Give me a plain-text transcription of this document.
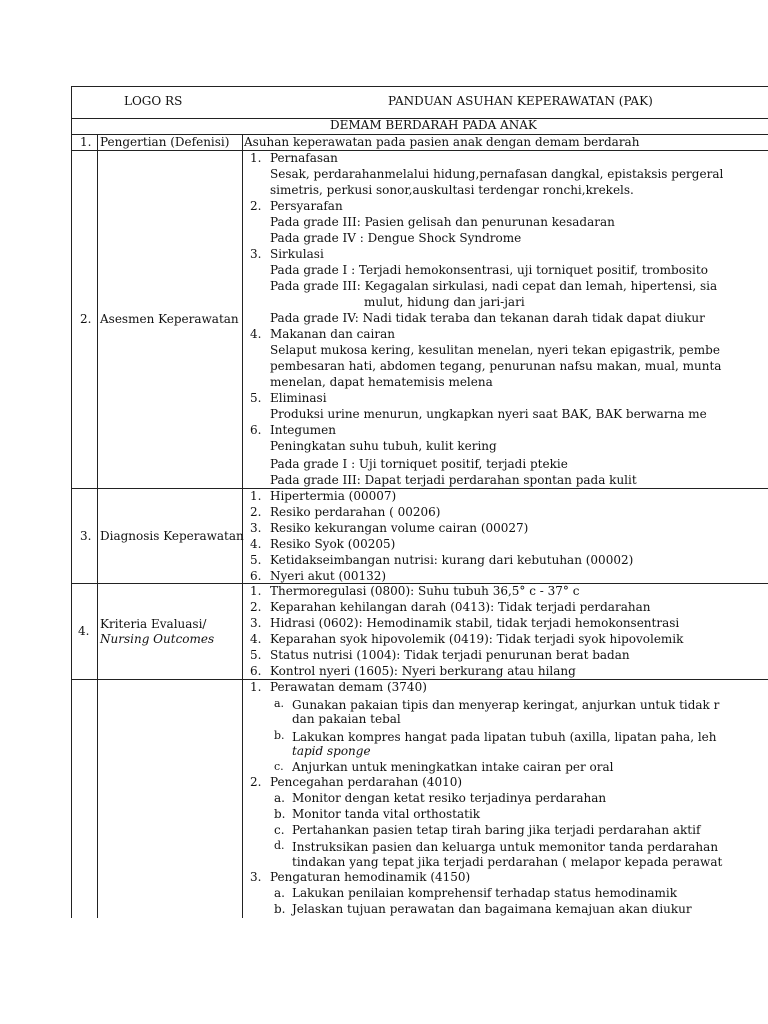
LOGO RS	PANDUAN ASUHAN KEPERAWATAN (PAK)
DEMAM BERDARAH PADA ANAK
1. Pengertian (Defenisi) Asuhan keperawatan pada pasien anak dengan demam berdarah
2. Asesmen Keperawatan
1. Pernafasan
Sesak, perdarahanmelalui hidung,pernafasan dangkal, epistaksis pergeral
simetris, perkusi sonor,auskultasi terdengar ronchi,krekels.
2. Persyarafan
Pada grade III: Pasien gelisah dan penurunan kesadaran
Pada grade IV : Dengue Shock Syndrome
3. Sirkulasi
Pada grade I : Terjadi hemokonsentrasi, uji torniquet positif, trombosito
Pada grade III: Kegagalan sirkulasi, nadi cepat dan lemah, hipertensi, sia
mulut, hidung dan jari-jari
Pada grade IV: Nadi tidak teraba dan tekanan darah tidak dapat diukur
4. Makanan dan cairan
Selaput mukosa kering, kesulitan menelan, nyeri tekan epigastrik, pembe
pembesaran hati, abdomen tegang, penurunan nafsu makan, mual, munta
menelan, dapat hematemisis melena
5. Eliminasi
Produksi urine menurun, ungkapkan nyeri saat BAK, BAK berwarna me
6. Integumen
Peningkatan suhu tubuh, kulit kering
Pada grade I : Uji torniquet positif, terjadi ptekie
Pada grade III: Dapat terjadi perdarahan spontan pada kulit
3. Diagnosis Keperawatan
1. Hipertermia (00007)
2. Resiko perdarahan ( 00206)
3. Resiko kekurangan volume cairan (00027)
4. Resiko Syok (00205)
5. Ketidakseimbangan nutrisi: kurang dari kebutuhan (00002)
6. Nyeri akut (00132)
4. Kriteria Evaluasi/
Nursing Outcomes
1. Thermoregulasi (0800): Suhu tubuh 36,5° c - 37° c
2. Keparahan kehilangan darah (0413): Tidak terjadi perdarahan
3. Hidrasi (0602): Hemodinamik stabil, tidak terjadi hemokonsentrasi
4. Keparahan syok hipovolemik (0419): Tidak terjadi syok hipovolemik
5. Status nutrisi (1004): Tidak terjadi penurunan berat badan
6. Kontrol nyeri (1605): Nyeri berkurang atau hilang
1. Perawatan demam (3740)
a. Gunakan pakaian tipis dan menyerap keringat, anjurkan untuk tidak r
dan pakaian tebal
b. Lakukan kompres hangat pada lipatan tubuh (axilla, lipatan paha, leh
tapid sponge
c. Anjurkan untuk meningkatkan intake cairan per oral
2. Pencegahan perdarahan (4010)
a. Monitor dengan ketat resiko terjadinya perdarahan
b. Monitor tanda vital orthostatik
c. Pertahankan pasien tetap tirah baring jika terjadi perdarahan aktif
d. Instruksikan pasien dan keluarga untuk memonitor tanda perdarahan
tindakan yang tepat jika terjadi perdarahan ( melapor kepada perawat
3. Pengaturan hemodinamik (4150)
a. Lakukan penilaian komprehensif terhadap status hemodinamik
b. Jelaskan tujuan perawatan dan bagaimana kemajuan akan diukur
